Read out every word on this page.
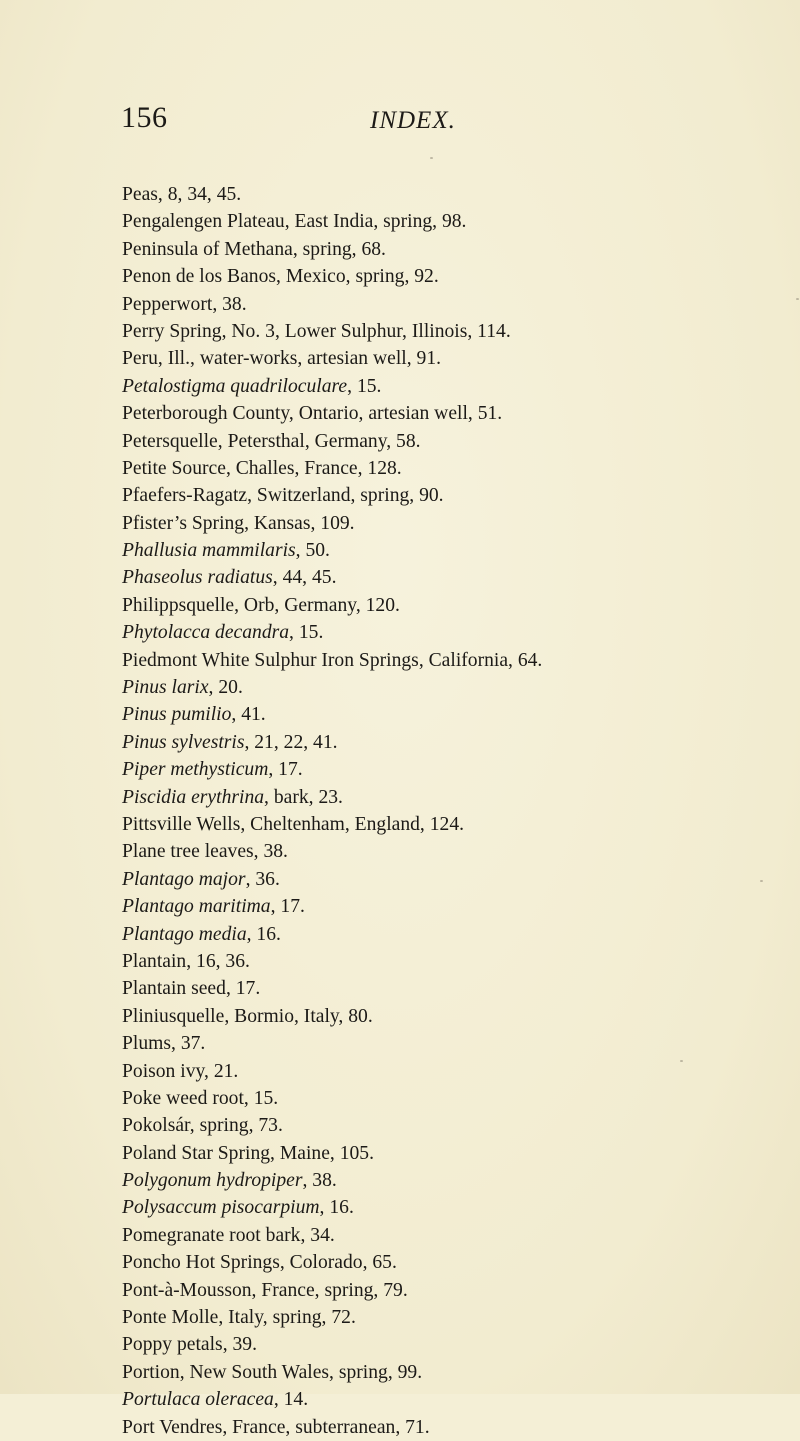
156	INDEX.
Peas, 8, 34, 45.
Pengalengen Plateau, East India, spring, 98.
Peninsula of Methana, spring, 68.
Penon de los Banos, Mexico, spring, 92.
Pepperwort, 38.
Perry Spring, No. 3, Lower Sulphur, Illinois, 114.
Peru, Ill., water-works, artesian well, 91.
Petalostigma quadriloculare, 15.
Peterborough County, Ontario, artesian well, 51.
Petersquelle, Petersthal, Germany, 58.
Petite Source, Challes, France, 128.
Pfaefers-Ragatz, Switzerland, spring, 90.
Pfister’s Spring, Kansas, 109.
Phallusia mammilaris, 50.
Phaseolus radiatus, 44, 45.
Philippsquelle, Orb, Germany, 120.
Phytolacca decandra, 15.
Piedmont White Sulphur Iron Springs, California, 64.
Pinus larix, 20.
Pinus pumilio, 41.
Pinus sylvestris, 21, 22, 41.
Piper methysticum, 17.
Piscidia erythrina, bark, 23.
Pittsville Wells, Cheltenham, England, 124.
Plane tree leaves, 38.
Plantago major, 36.
Plantago maritima, 17.
Plantago media, 16.
Plantain, 16, 36.
Plantain seed, 17.
Pliniusquelle, Bormio, Italy, 80.
Plums, 37.
Poison ivy, 21.
Poke weed root, 15.
Pokolsár, spring, 73.
Poland Star Spring, Maine, 105.
Polygonum hydropiper, 38.
Polysaccum pisocarpium, 16.
Pomegranate root bark, 34.
Poncho Hot Springs, Colorado, 65.
Pont-à-Mousson, France, spring, 79.
Ponte Molle, Italy, spring, 72.
Poppy petals, 39.
Portion, New South Wales, spring, 99.
Portulaca oleracea, 14.
Port Vendres, France, subterranean, 71.
